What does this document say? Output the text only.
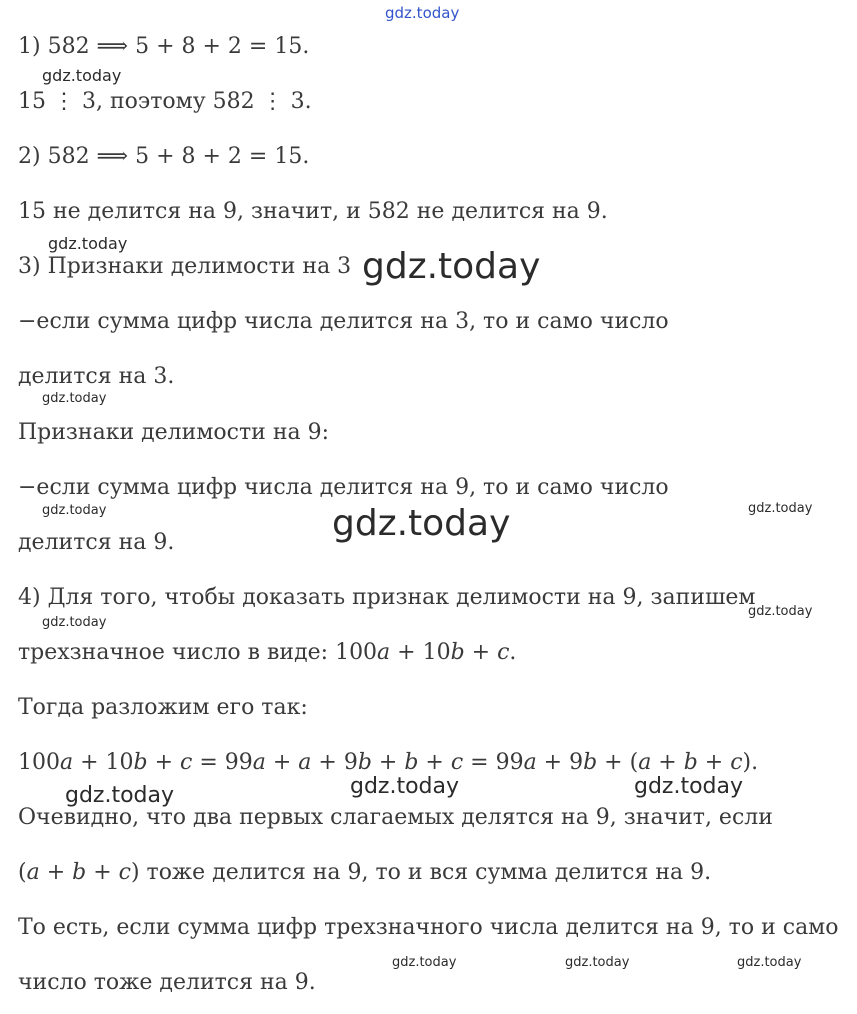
1) 582 ⟹ 5 + 8 + 2 = 15.

15 ⋮ 3, поэтому 582 ⋮ 3.

2) 582 ⟹ 5 + 8 + 2 = 15.

15 не делится на 9, значит, и 582 не делится на 9.

3) Признаки делимости на 3

−если сумма цифр числа делится на 3, то и само число

делится на 3.

Признаки делимости на 9:

−если сумма цифр числа делится на 9, то и само число

делится на 9.

4) Для того, чтобы доказать признак делимости на 9, запишем

трехзначное число в виде: 100𝑎 + 10𝑏 + 𝑐.

Тогда разложим его так:

100𝑎 + 10𝑏 + 𝑐 = 99𝑎 + 𝑎 + 9𝑏 + 𝑏 + 𝑐 = 99𝑎 + 9𝑏 + (𝑎 + 𝑏 + 𝑐).

Очевидно, что два первых слагаемых делятся на 9, значит, если

(𝑎 + 𝑏 + 𝑐) тоже делится на 9, то и вся сумма делится на 9.

То есть, если сумма цифр трехзначного числа делится на 9, то и само

число тоже делится на 9.

gdz.today
gdz.today
gdz.today
gdz.today
gdz.today
gdz.today	gdz.today	gdz.today
gdz.today
gdz.today
gdz.today	gdz.today	gdz.today
gdz.today	gdz.today	gdz.today
